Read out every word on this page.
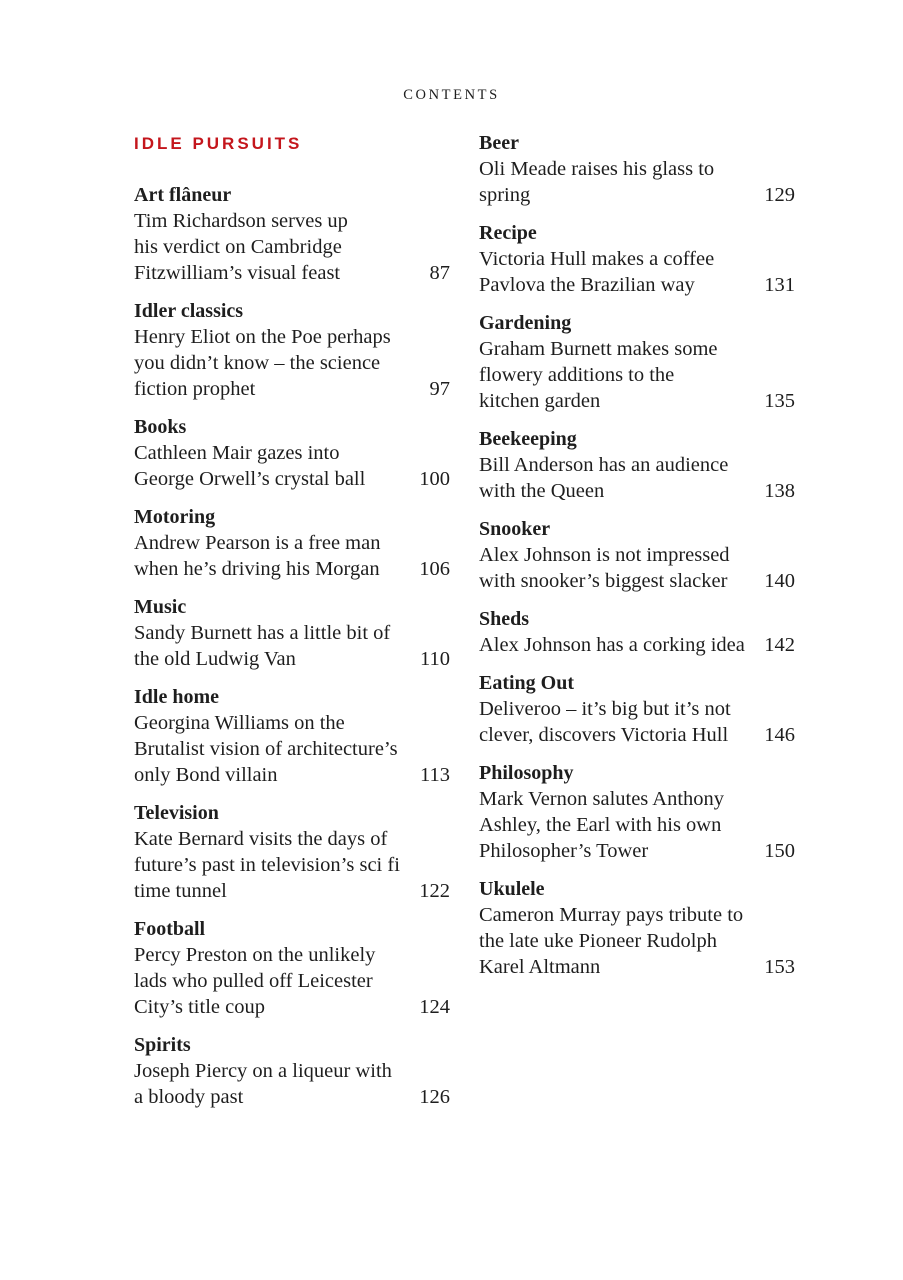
CONTENTS
IDLE PURSUITS
Art flâneur
Tim Richardson serves up
his verdict on Cambridge
Fitzwilliam’s visual feast	87
Idler classics
Henry Eliot on the Poe perhaps
you didn’t know – the science
fiction prophet	97
Books
Cathleen Mair gazes into
George Orwell’s crystal ball	100
Motoring
Andrew Pearson is a free man
when he’s driving his Morgan	106
Music
Sandy Burnett has a little bit of
the old Ludwig Van	110
Idle home
Georgina Williams on the
Brutalist vision of architecture’s
only Bond villain	113
Television
Kate Bernard visits the days of
future’s past in television’s sci fi
time tunnel	122
Football
Percy Preston on the unlikely
lads who pulled off Leicester
City’s title coup	124
Spirits
Joseph Piercy on a liqueur with
a bloody past	126
Beer
Oli Meade raises his glass to
spring	129
Recipe
Victoria Hull makes a coffee
Pavlova the Brazilian way	131
Gardening
Graham Burnett makes some
flowery additions to the
kitchen garden	135
Beekeeping
Bill Anderson has an audience
with the Queen	138
Snooker
Alex Johnson is not impressed
with snooker’s biggest slacker	140
Sheds
Alex Johnson has a corking idea 142
Eating Out
Deliveroo – it’s big but it’s not
clever, discovers Victoria Hull	146
Philosophy
Mark Vernon salutes Anthony
Ashley, the Earl with his own
Philosopher’s Tower	150
Ukulele
Cameron Murray pays tribute to
the late uke Pioneer Rudolph
Karel Altmann	153
